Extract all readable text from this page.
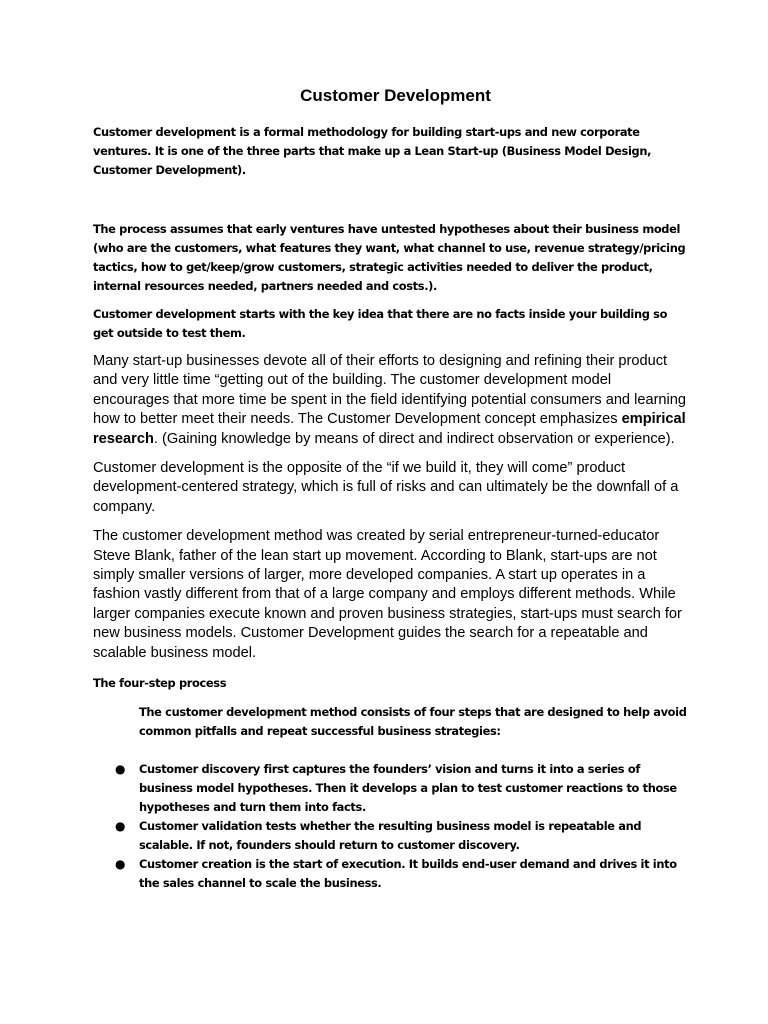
Customer Development

Customer development is a formal methodology for building start-ups and new corporate ventures. It is one of the three parts that make up a Lean Start-up (Business Model Design, Customer Development).

The process assumes that early ventures have untested hypotheses about their business model (who are the customers, what features they want, what channel to use, revenue strategy/pricing tactics, how to get/keep/grow customers, strategic activities needed to deliver the product, internal resources needed, partners needed and costs.).

Customer development starts with the key idea that there are no facts inside your building so get outside to test them.

Many start-up businesses devote all of their efforts to designing and refining their product and very little time “getting out of the building. The customer development model encourages that more time be spent in the field identifying potential consumers and learning how to better meet their needs. The Customer Development concept emphasizes empirical research. (Gaining knowledge by means of direct and indirect observation or experience).

Customer development is the opposite of the “if we build it, they will come” product development-centered strategy, which is full of risks and can ultimately be the downfall of a company.

The customer development method was created by serial entrepreneur-turned-educator Steve Blank, father of the lean start up movement. According to Blank, start-ups are not simply smaller versions of larger, more developed companies. A start up operates in a fashion vastly different from that of a large company and employs different methods. While larger companies execute known and proven business strategies, start-ups must search for new business models. Customer Development guides the search for a repeatable and scalable business model.

The four-step process

The customer development method consists of four steps that are designed to help avoid common pitfalls and repeat successful business strategies:

● Customer discovery first captures the founders’ vision and turns it into a series of business model hypotheses. Then it develops a plan to test customer reactions to those hypotheses and turn them into facts.
● Customer validation tests whether the resulting business model is repeatable and scalable. If not, founders should return to customer discovery.
● Customer creation is the start of execution. It builds end-user demand and drives it into the sales channel to scale the business.
